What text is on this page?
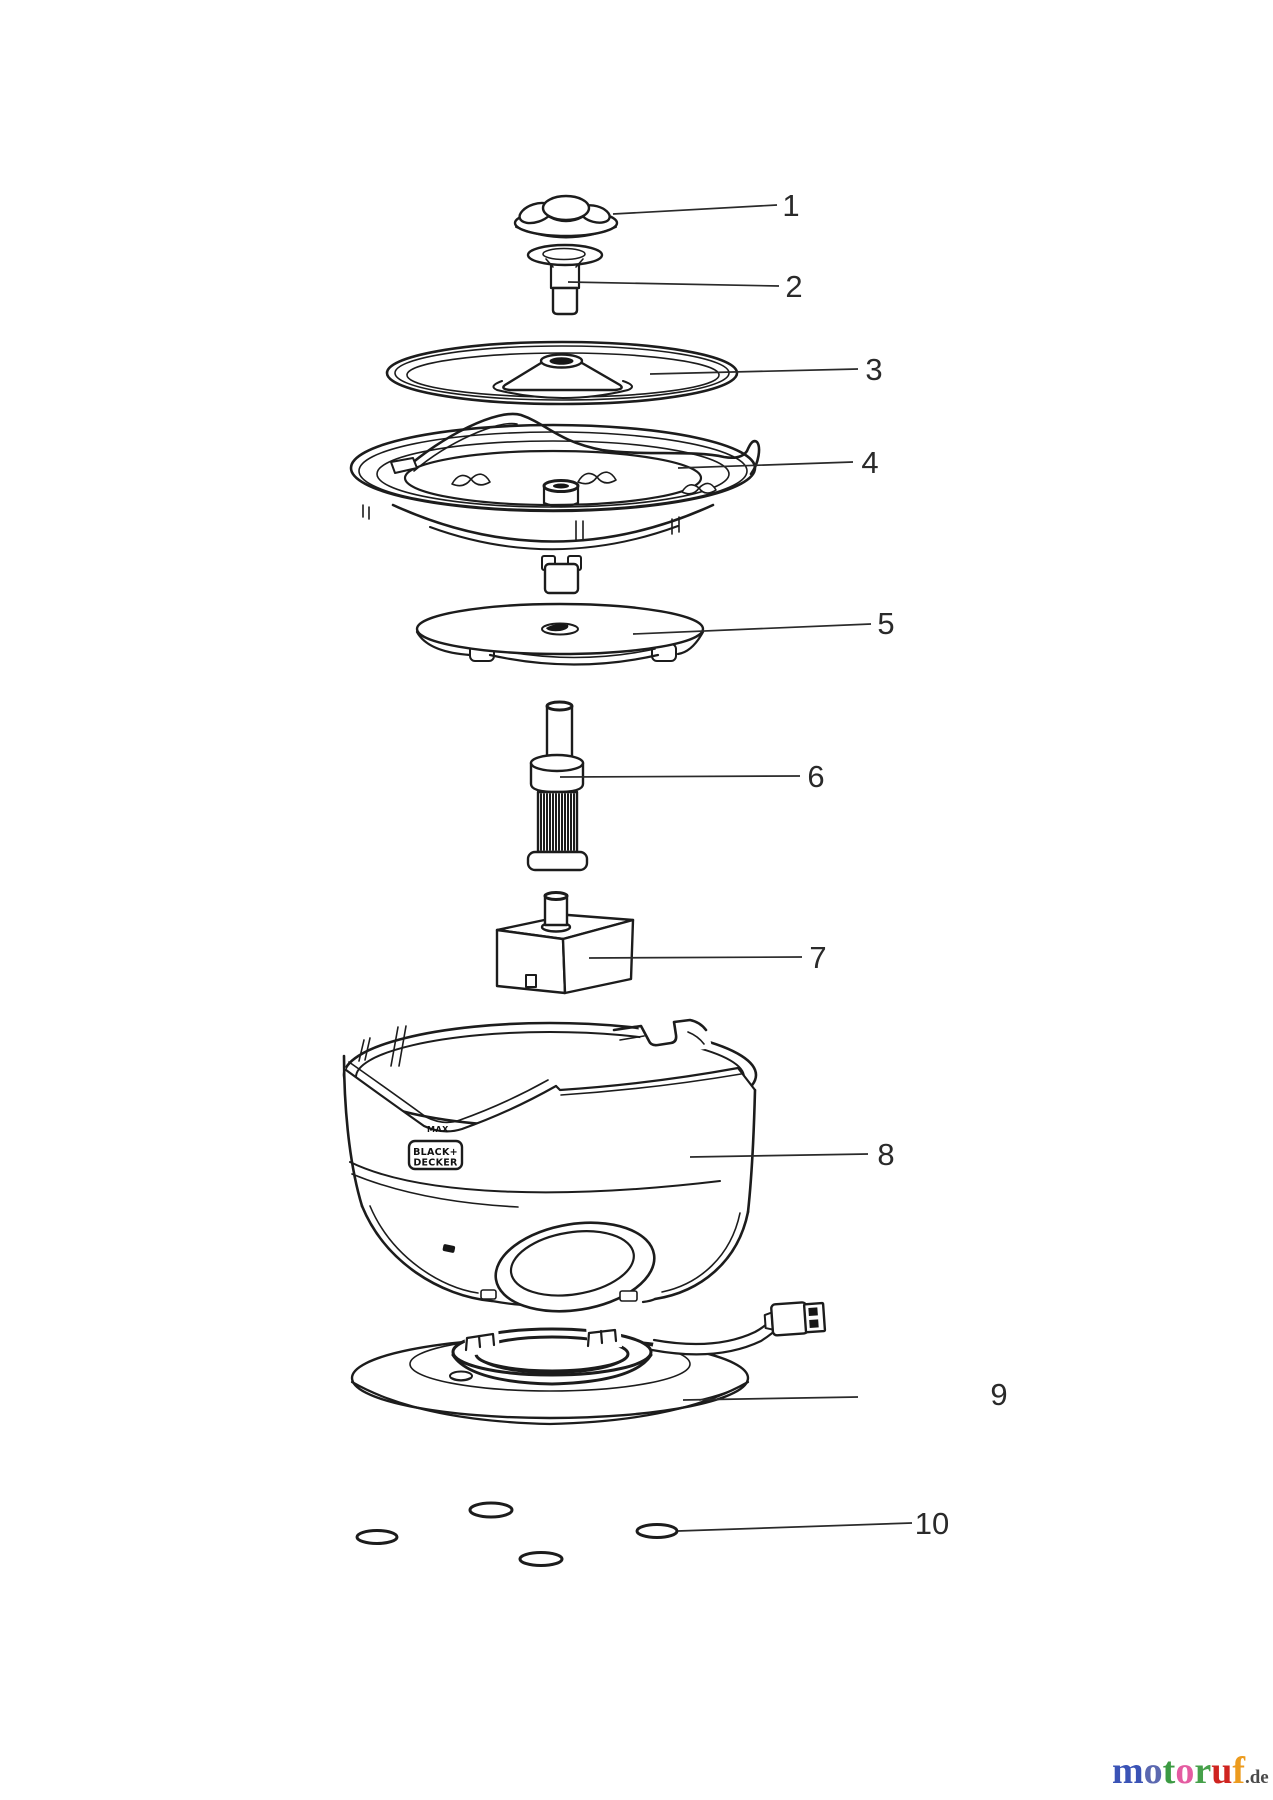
MAX
BLACK+
DECKER
1
2
3
4
5
6
7
8
9
10
motoruf.de
